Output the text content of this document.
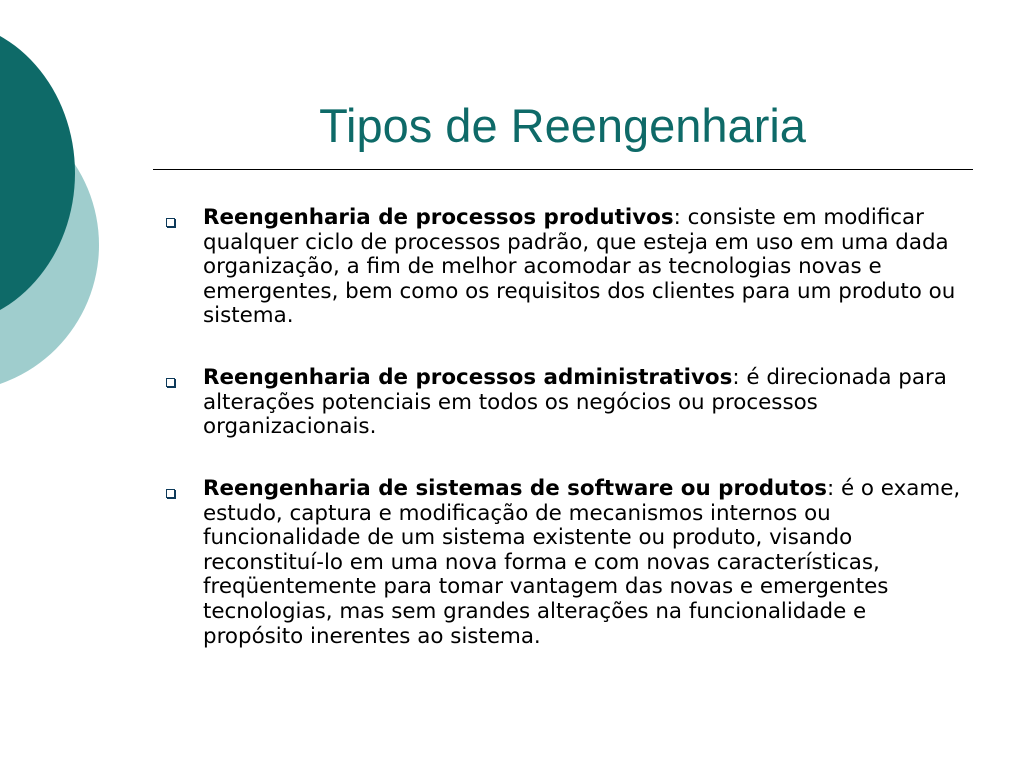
Tipos de Reengenharia

Reengenharia de processos produtivos: consiste em modificar qualquer ciclo de processos padrão, que esteja em uso em uma dada organização, a fim de melhor acomodar as tecnologias novas e emergentes, bem como os requisitos dos clientes para um produto ou sistema.

Reengenharia de processos administrativos: é direcionada para alterações potenciais em todos os negócios ou processos organizacionais.

Reengenharia de sistemas de software ou produtos: é o exame, estudo, captura e modificação de mecanismos internos ou funcionalidade de um sistema existente ou produto, visando reconstituí-lo em uma nova forma e com novas características, freqüentemente para tomar vantagem das novas e emergentes tecnologias, mas sem grandes alterações na funcionalidade e propósito inerentes ao sistema.
